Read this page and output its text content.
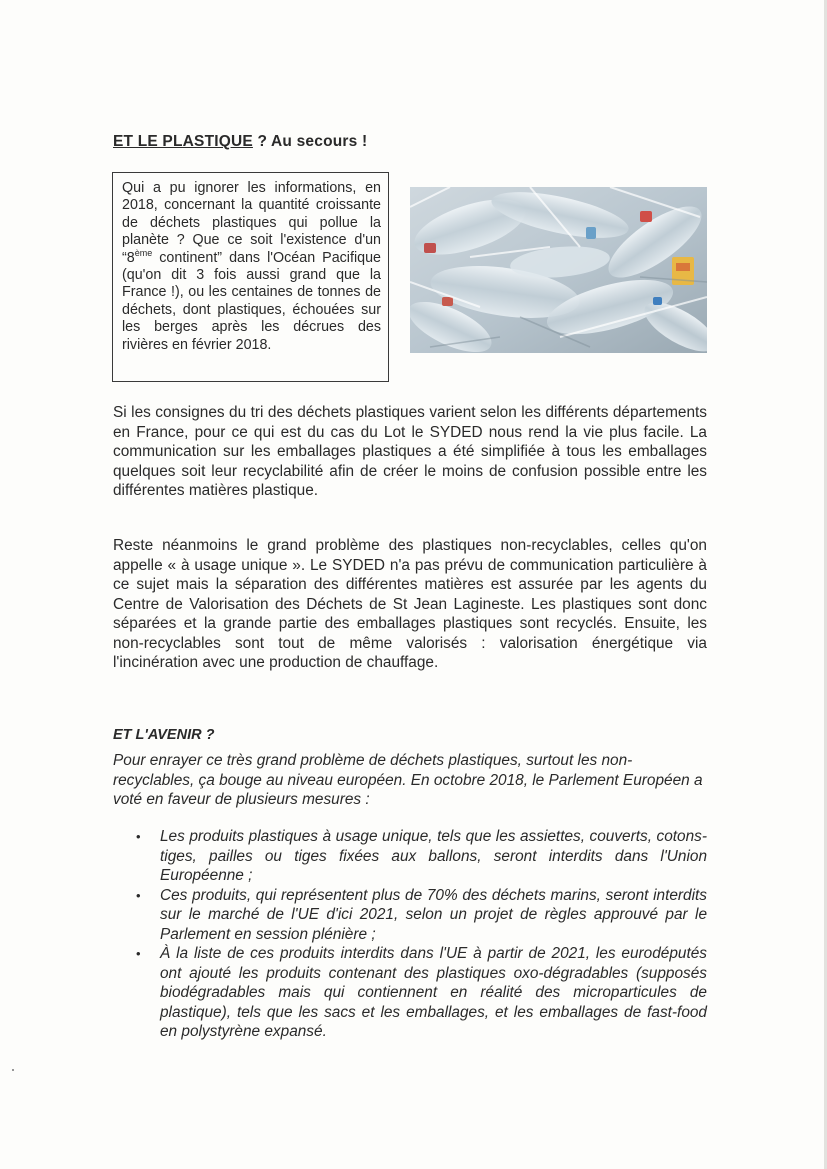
ET LE PLASTIQUE ? Au secours !
Qui a pu ignorer les informations, en 2018, concernant la quantité croissante de déchets plastiques qui pollue la planète ? Que ce soit l'existence d'un “8ème continent” dans l'Océan Pacifique (qu'on dit 3 fois aussi grand que la France !), ou les centaines de tonnes de déchets, dont plastiques, échouées sur les berges après les décrues des rivières en février 2018.
Si les consignes du tri des déchets plastiques varient selon les différents départements en France, pour ce qui est du cas du Lot le SYDED nous rend la vie plus facile. La communication sur les emballages plastiques a été simplifiée à tous les emballages quelques soit leur recyclabilité afin de créer le moins de confusion possible entre les différentes matières plastique.
Reste néanmoins le grand problème des plastiques non-recyclables, celles qu'on appelle « à usage unique ». Le SYDED n'a pas prévu de communication particulière à ce sujet mais la séparation des différentes matières est assurée par les agents du Centre de Valorisation des Déchets de St Jean Lagineste. Les plastiques sont donc séparées et la grande partie des emballages plastiques sont recyclés. Ensuite, les non-recyclables sont tout de même valorisés : valorisation énergétique via l'incinération avec une production de chauffage.
ET L'AVENIR ?
Pour enrayer ce très grand problème de déchets plastiques, surtout les non-recyclables, ça bouge au niveau européen. En octobre 2018, le Parlement Européen a voté en faveur de plusieurs mesures :
• Les produits plastiques à usage unique, tels que les assiettes, couverts, cotons-tiges, pailles ou tiges fixées aux ballons, seront interdits dans l'Union Européenne ;
• Ces produits, qui représentent plus de 70% des déchets marins, seront interdits sur le marché de l'UE d'ici 2021, selon un projet de règles approuvé par le Parlement en session plénière ;
• À la liste de ces produits interdits dans l'UE à partir de 2021, les eurodéputés ont ajouté les produits contenant des plastiques oxo-dégradables (supposés biodégradables mais qui contiennent en réalité des microparticules de plastique), tels que les sacs et les emballages, et les emballages de fast-food en polystyrène expansé.
